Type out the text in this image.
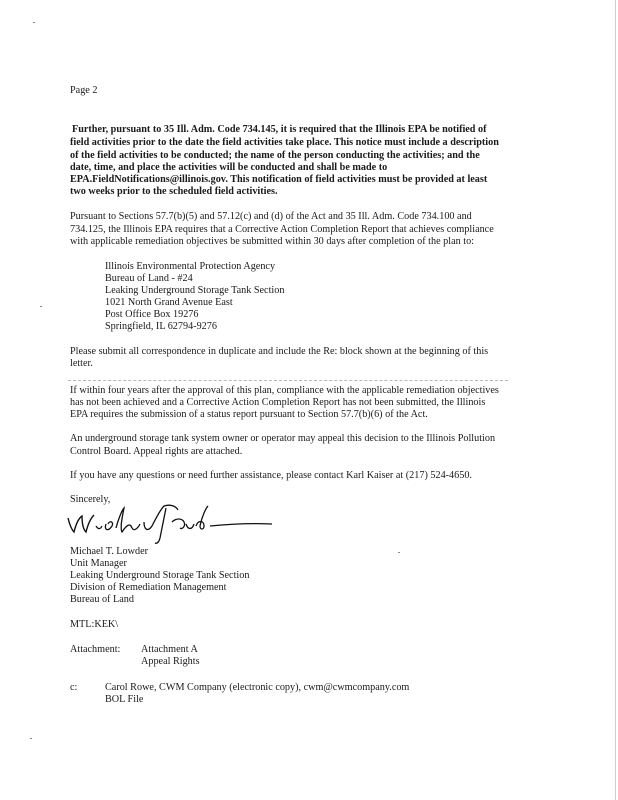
Page 2
Further, pursuant to 35 Ill. Adm. Code 734.145, it is required that the Illinois EPA be notified of
field activities prior to the date the field activities take place. This notice must include a description
of the field activities to be conducted; the name of the person conducting the activities; and the
date, time, and place the activities will be conducted and shall be made to
EPA.FieldNotifications@illinois.gov. This notification of field activities must be provided at least
two weeks prior to the scheduled field activities.
Pursuant to Sections 57.7(b)(5) and 57.12(c) and (d) of the Act and 35 Ill. Adm. Code 734.100 and
734.125, the Illinois EPA requires that a Corrective Action Completion Report that achieves compliance
with applicable remediation objectives be submitted within 30 days after completion of the plan to:
Illinois Environmental Protection Agency
Bureau of Land - #24
Leaking Underground Storage Tank Section
1021 North Grand Avenue East
Post Office Box 19276
Springfield, IL 62794-9276
Please submit all correspondence in duplicate and include the Re: block shown at the beginning of this
letter.
If within four years after the approval of this plan, compliance with the applicable remediation objectives
has not been achieved and a Corrective Action Completion Report has not been submitted, the Illinois
EPA requires the submission of a status report pursuant to Section 57.7(b)(6) of the Act.
An underground storage tank system owner or operator may appeal this decision to the Illinois Pollution
Control Board. Appeal rights are attached.
If you have any questions or need further assistance, please contact Karl Kaiser at (217) 524-4650.
Sincerely,
Michael T. Lowder
Unit Manager
Leaking Underground Storage Tank Section
Division of Remediation Management
Bureau of Land
MTL:KEK\
Attachment: Attachment A
Appeal Rights
c:	Carol Rowe, CWM Company (electronic copy), cwm@cwmcompany.com
BOL File
